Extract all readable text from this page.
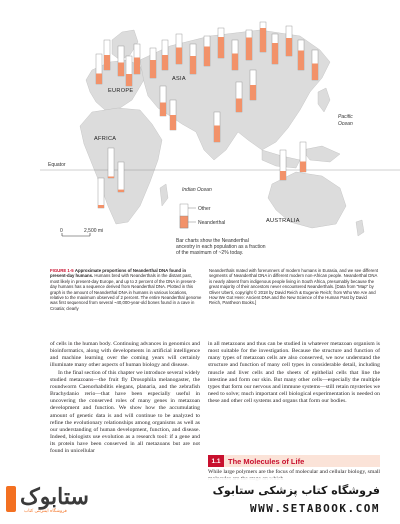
Equator
ASIA
EUROPE
AFRICA
AUSTRALIA
Pacific
Ocean
Indian Ocean
0	2,500 mi
Other
Neanderthal
Bar charts show the Neanderthal
ancestry in each population as a fraction
of the maximum of ~2% today.
FIGURE 1-5 Approximate proportions of Neanderthal DNA found in present-day humans. Humans bred with Neanderthals in the distant past, most likely in present-day Europe, and up to 2 percent of the DNA in present-day humans has a sequence derived from Neanderthal DNA. Plotted in this graph is the amount of Neanderthal DNA in humans in various locations, relative to the maximum observed of 2 percent. The entire Neanderthal genome was first sequenced from several ~40,000-year-old bones found in a cave in Croatia; clearly
Neanderthals mated with forerunners of modern humans in Eurasia, and we see different segments of Neanderthal DNA in different modern non-African people. Neanderthal DNA is nearly absent from indigenous people living in South Africa, presumably because the great majority of their ancestors never encountered Neanderthals. [Data from "Map" by Oliver Uberti, copyright © 2018 by David Reich & Eugenie Reich; from Who We Are and How We Got Here: Ancient DNA and the New Science of the Human Past by David Reich, Pantheon Books.]

of cells in the human body. Continuing advances in genomics and bioinformatics, along with developments in artificial intelligence and machine learning over the coming years will certainly illuminate many other aspects of human biology and disease.

In the final section of this chapter we introduce several widely studied metazoans—the fruit fly Drosophila melanogaster, the roundworm Caenorhabditis elegans, planaria, and the zebrafish Brachydanio rerio—that have been especially useful in uncovering the conserved roles of many genes in metazoan development and function. We show how the accumulating amount of genetic data is and will continue to be analyzed to refine the evolutionary relationships among organisms as well as our understanding of human development, function, and disease. Indeed, biologists use evolution as a research tool: if a gene and its protein have been conserved in all metazoans but are not found in unicellular

in all metazoans and thus can be studied in whatever metazoan organism is most suitable for the investigation. Because the structure and function of many types of metazoan cells are also conserved, we now understand the structure and function of many cell types in considerable detail, including muscle and liver cells and the sheets of epithelial cells that line the intestine and form our skin. But many other cells—especially the multiple types that form our nervous and immune systems—still retain mysteries we need to solve; much important cell biological experimentation is needed on these and other cell systems and organs that form our bodies.

1.1 The Molecules of Life

While large polymers are the focus of molecular and cellular biology, small

ستابوک
فروشگاه اینترنتی کتاب
فروشگاه کتاب پزشکی ستابوک
WWW.SETABOOK.COM
